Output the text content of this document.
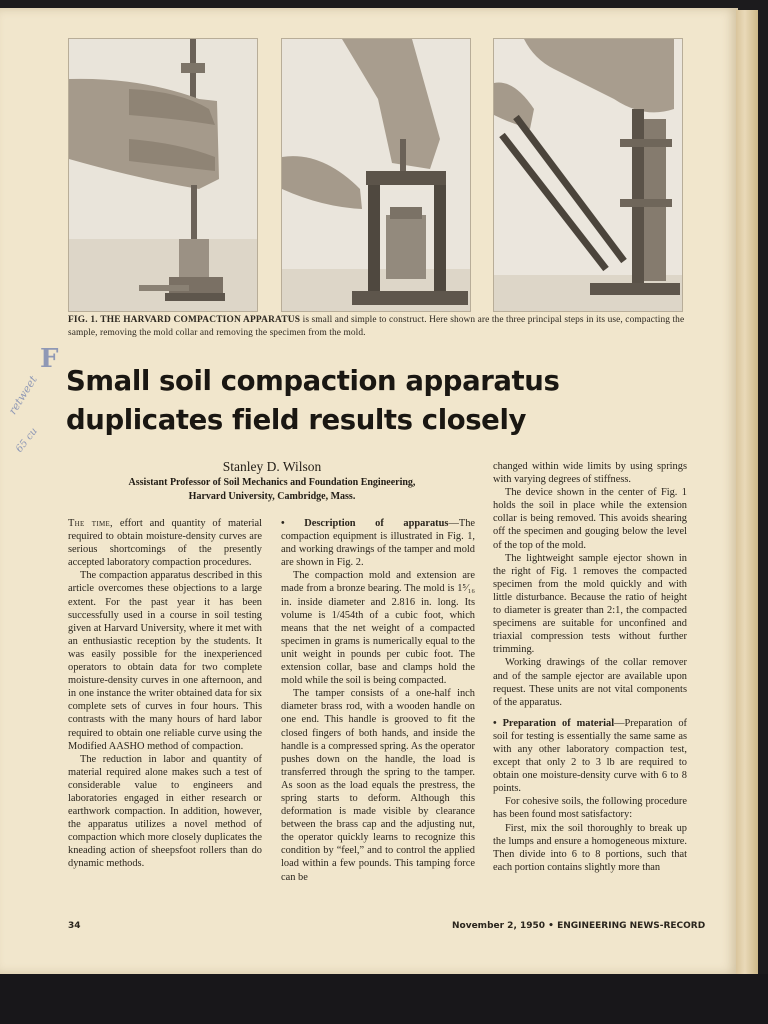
FIG. 1. THE HARVARD COMPACTION APPARATUS is small and simple to construct. Here shown are the three principal steps in its use, compacting the sample, removing the mold collar and removing the specimen from the mold.
F
retweet
65 cu
Small soil compaction apparatus
duplicates field results closely
Stanley D. Wilson
Assistant Professor of Soil Mechanics and Foundation Engineering,
Harvard University, Cambridge, Mass.

The time, effort and quantity of material required to obtain moisture-density curves are serious shortcomings of the presently accepted laboratory compaction procedures.

The compaction apparatus described in this article overcomes these objections to a large extent. For the past year it has been successfully used in a course in soil testing given at Harvard University, where it met with an enthusiastic reception by the students. It was easily possible for the inexperienced operators to obtain data for two complete moisture-density curves in one afternoon, and in one instance the writer obtained data for six complete sets of curves in four hours. This contrasts with the many hours of hard labor required to obtain one reliable curve using the Modified AASHO method of compaction.

The reduction in labor and quantity of material required alone makes such a test of considerable value to engineers and laboratories engaged in either research or earthwork compaction. In addition, however, the apparatus utilizes a novel method of compaction which more closely duplicates the kneading action of sheepsfoot rollers than do dynamic methods.

• Description of apparatus—The compaction equipment is illustrated in Fig. 1, and working drawings of the tamper and mold are shown in Fig. 2.

The compaction mold and extension are made from a bronze bearing. The mold is 1⁵⁄₁₆ in. inside diameter and 2.816 in. long. Its volume is 1/454th of a cubic foot, which means that the net weight of a compacted specimen in grams is numerically equal to the unit weight in pounds per cubic foot. The extension collar, base and clamps hold the mold while the soil is being compacted.

The tamper consists of a one-half inch diameter brass rod, with a wooden handle on one end. This handle is grooved to fit the closed fingers of both hands, and inside the handle is a compressed spring. As the operator pushes down on the handle, the load is transferred through the spring to the tamper. As soon as the load equals the prestress, the spring starts to deform. Although this deformation is made visible by clearance between the brass cap and the adjusting nut, the operator quickly learns to recognize this condition by “feel,” and to control the applied load within a few pounds. This tamping force can be

changed within wide limits by using springs with varying degrees of stiffness.

The device shown in the center of Fig. 1 holds the soil in place while the extension collar is being removed. This avoids shearing off the specimen and gouging below the level of the top of the mold.

The lightweight sample ejector shown in the right of Fig. 1 removes the compacted specimen from the mold quickly and with little disturbance. Because the ratio of height to diameter is greater than 2:1, the compacted specimens are suitable for unconfined and triaxial compression tests without further trimming.

Working drawings of the collar remover and of the sample ejector are available upon request. These units are not vital components of the apparatus.

• Preparation of material—Preparation of soil for testing is essentially the same same as with any other laboratory compaction test, except that only 2 to 3 lb are required to obtain one moisture-density curve with 6 to 8 points.

For cohesive soils, the following procedure has been found most satisfactory:

First, mix the soil thoroughly to break up the lumps and ensure a homogeneous mixture. Then divide into 6 to 8 portions, such that each portion contains slightly more than

34	November 2, 1950 • ENGINEERING NEWS-RECORD
